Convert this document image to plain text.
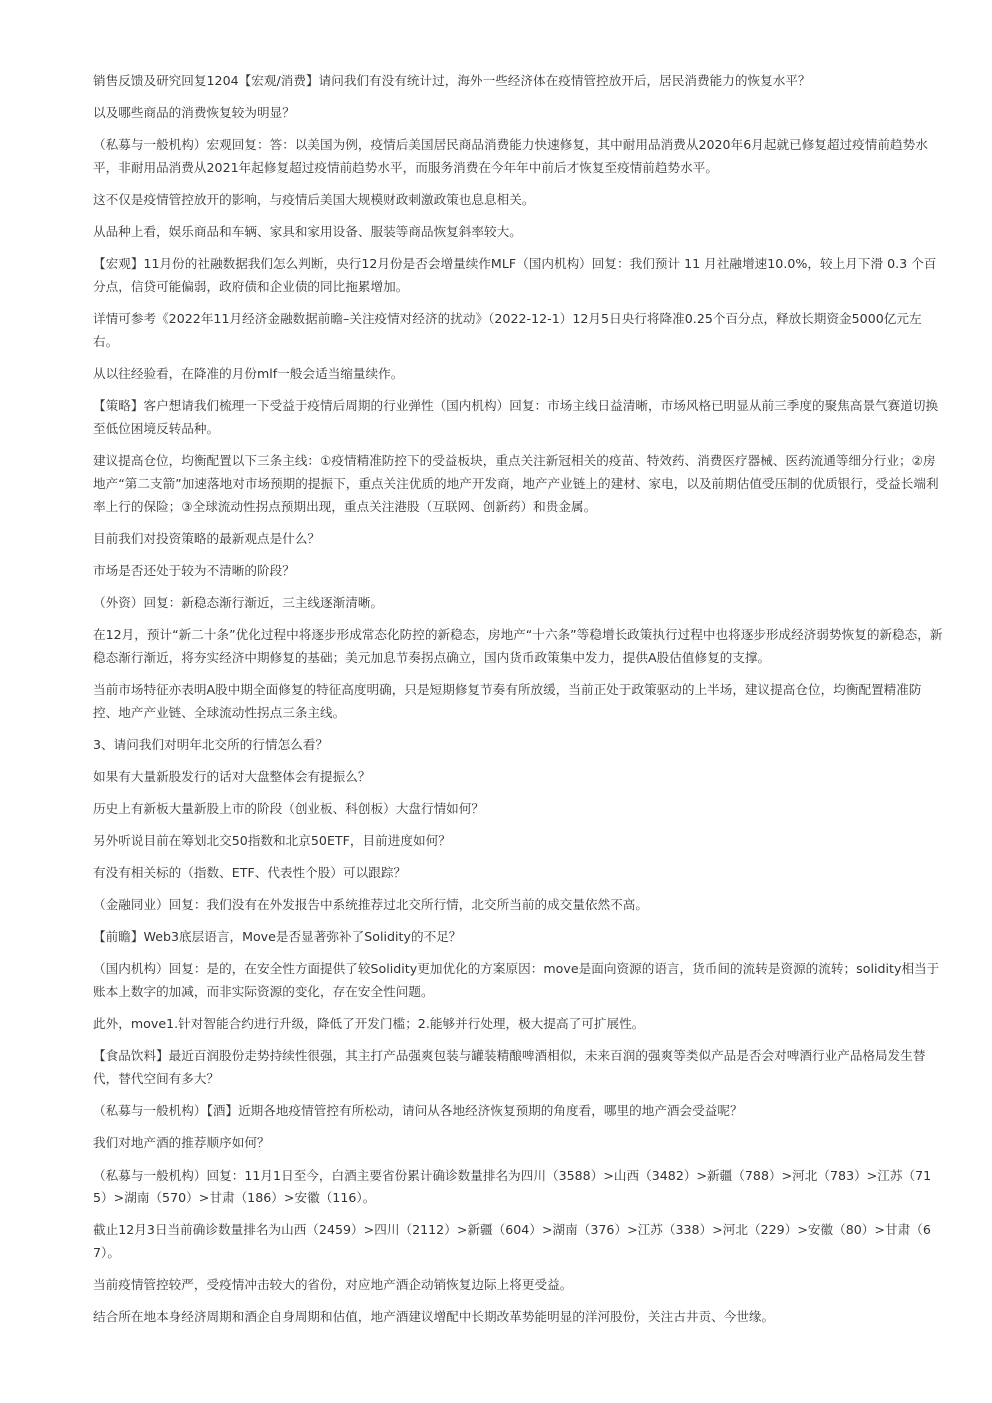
销售反馈及研究回复1204【宏观/消费】请问我们有没有统计过，海外一些经济体在疫情管控放开后，居民消费能力的恢复水平？

以及哪些商品的消费恢复较为明显？

（私募与一般机构）宏观回复：答：以美国为例，疫情后美国居民商品消费能力快速修复，其中耐用品消费从2020年6月起就已修复超过疫情前趋势水平，非耐用品消费从2021年起修复超过疫情前趋势水平，而服务消费在今年年中前后才恢复至疫情前趋势水平。

这不仅是疫情管控放开的影响，与疫情后美国大规模财政刺激政策也息息相关。

从品种上看，娱乐商品和车辆、家具和家用设备、服装等商品恢复斜率较大。

【宏观】11月份的社融数据我们怎么判断，央行12月份是否会增量续作MLF（国内机构）回复：我们预计 11 月社融增速10.0%，较上月下滑 0.3 个百分点，信贷可能偏弱，政府债和企业债的同比拖累增加。

详情可参考《2022年11月经济金融数据前瞻–关注疫情对经济的扰动》（2022-12-1）12月5日央行将降准0.25个百分点，释放长期资金5000亿元左右。

从以往经验看，在降准的月份mlf一般会适当缩量续作。

【策略】客户想请我们梳理一下受益于疫情后周期的行业弹性（国内机构）回复：市场主线日益清晰，市场风格已明显从前三季度的聚焦高景气赛道切换至低位困境反转品种。

建议提高仓位，均衡配置以下三条主线：①疫情精准防控下的受益板块，重点关注新冠相关的疫苗、特效药、消费医疗器械、医药流通等细分行业；②房地产“第二支箭”加速落地对市场预期的提振下，重点关注优质的地产开发商，地产产业链上的建材、家电，以及前期估值受压制的优质银行，受益长端利率上行的保险；③全球流动性拐点预期出现，重点关注港股（互联网、创新药）和贵金属。

目前我们对投资策略的最新观点是什么？

市场是否还处于较为不清晰的阶段？

（外资）回复：新稳态渐行渐近，三主线逐渐清晰。

在12月，预计“新二十条”优化过程中将逐步形成常态化防控的新稳态，房地产“十六条”等稳增长政策执行过程中也将逐步形成经济弱势恢复的新稳态，新稳态渐行渐近，将夯实经济中期修复的基础；美元加息节奏拐点确立，国内货币政策集中发力，提供A股估值修复的支撑。

当前市场特征亦表明A股中期全面修复的特征高度明确，只是短期修复节奏有所放缓，当前正处于政策驱动的上半场，建议提高仓位，均衡配置精准防控、地产产业链、全球流动性拐点三条主线。

3、请问我们对明年北交所的行情怎么看？

如果有大量新股发行的话对大盘整体会有提振么？

历史上有新板大量新股上市的阶段（创业板、科创板）大盘行情如何？

另外听说目前在筹划北交50指数和北京50ETF，目前进度如何？

有没有相关标的（指数、ETF、代表性个股）可以跟踪？

（金融同业）回复：我们没有在外发报告中系统推荐过北交所行情，北交所当前的成交量依然不高。

【前瞻】Web3底层语言，Move是否显著弥补了Solidity的不足？

（国内机构）回复：是的，在安全性方面提供了较Solidity更加优化的方案原因：move是面向资源的语言，货币间的流转是资源的流转；solidity相当于账本上数字的加减，而非实际资源的变化，存在安全性问题。

此外，move1.针对智能合约进行升级，降低了开发门槛；2.能够并行处理，极大提高了可扩展性。

【食品饮料】最近百润股份走势持续性很强，其主打产品强爽包装与罐装精酿啤酒相似，未来百润的强爽等类似产品是否会对啤酒行业产品格局发生替代，替代空间有多大？

（私募与一般机构）【酒】近期各地疫情管控有所松动，请问从各地经济恢复预期的角度看，哪里的地产酒会受益呢？

我们对地产酒的推荐顺序如何？

（私募与一般机构）回复：11月1日至今，白酒主要省份累计确诊数量排名为四川（3588）>山西（3482）>新疆（788）>河北（783）>江苏（715）>湖南（570）>甘肃（186）>安徽（116）。

截止12月3日当前确诊数量排名为山西（2459）>四川（2112）>新疆（604）>湖南（376）>江苏（338）>河北（229）>安徽（80）>甘肃（67）。

当前疫情管控较严，受疫情冲击较大的省份，对应地产酒企动销恢复边际上将更受益。

结合所在地本身经济周期和酒企自身周期和估值，地产酒建议增配中长期改革势能明显的洋河股份，关注古井贡、今世缘。
